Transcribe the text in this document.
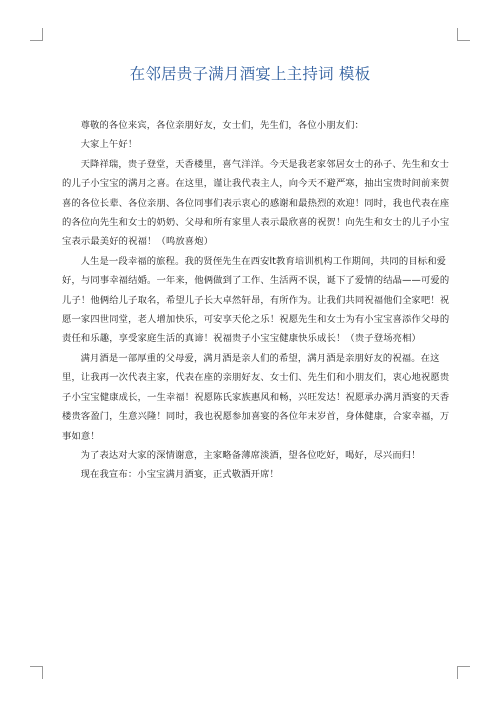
在邻居贵子满月酒宴上主持词 模板

尊敬的各位来宾，各位亲朋好友，女士们，先生们，各位小朋友们：

大家上午好！

天降祥瑞，贵子登堂，天香楼里，喜气洋洋。今天是我老家邻居女士的孙子、先生和女士的儿子小宝宝的满月之喜。在这里，谨让我代表主人，向今天不避严寒，抽出宝贵时间前来贺喜的各位长辈、各位亲朋、各位同事们表示衷心的感谢和最热烈的欢迎！同时，我也代表在座的各位向先生和女士的奶奶、父母和所有家里人表示最欣喜的祝贺！向先生和女士的儿子小宝宝表示最美好的祝福！（鸣放喜炮）

人生是一段幸福的旅程。我的贤侄先生在西安lt教育培训机构工作期间，共同的目标和爱好，与同事幸福结婚。一年来，他俩做到了工作、生活两不误，诞下了爱情的结晶——可爱的儿子！他俩给儿子取名，希望儿子长大卓然轩昂，有所作为。让我们共同祝福他们全家吧！祝愿一家四世同堂，老人增加快乐，可安享天伦之乐！祝愿先生和女士为有小宝宝喜添作父母的责任和乐趣，享受家庭生活的真谛！祝福贵子小宝宝健康快乐成长！（贵子登场亮相）

满月酒是一部厚重的父母爱，满月酒是亲人们的希望，满月酒是亲朋好友的祝福。在这里，让我再一次代表主家，代表在座的亲朋好友、女士们、先生们和小朋友们，衷心地祝愿贵子小宝宝健康成长，一生幸福！祝愿陈氏家族惠风和畅，兴旺发达！祝愿承办满月酒宴的天香楼贵客盈门，生意兴隆！同时，我也祝愿参加喜宴的各位年末岁首，身体健康，合家幸福，万事如意！

为了表达对大家的深情谢意，主家略备薄席淡酒，望各位吃好，喝好，尽兴而归！

现在我宣布：小宝宝满月酒宴，正式敬酒开席！
